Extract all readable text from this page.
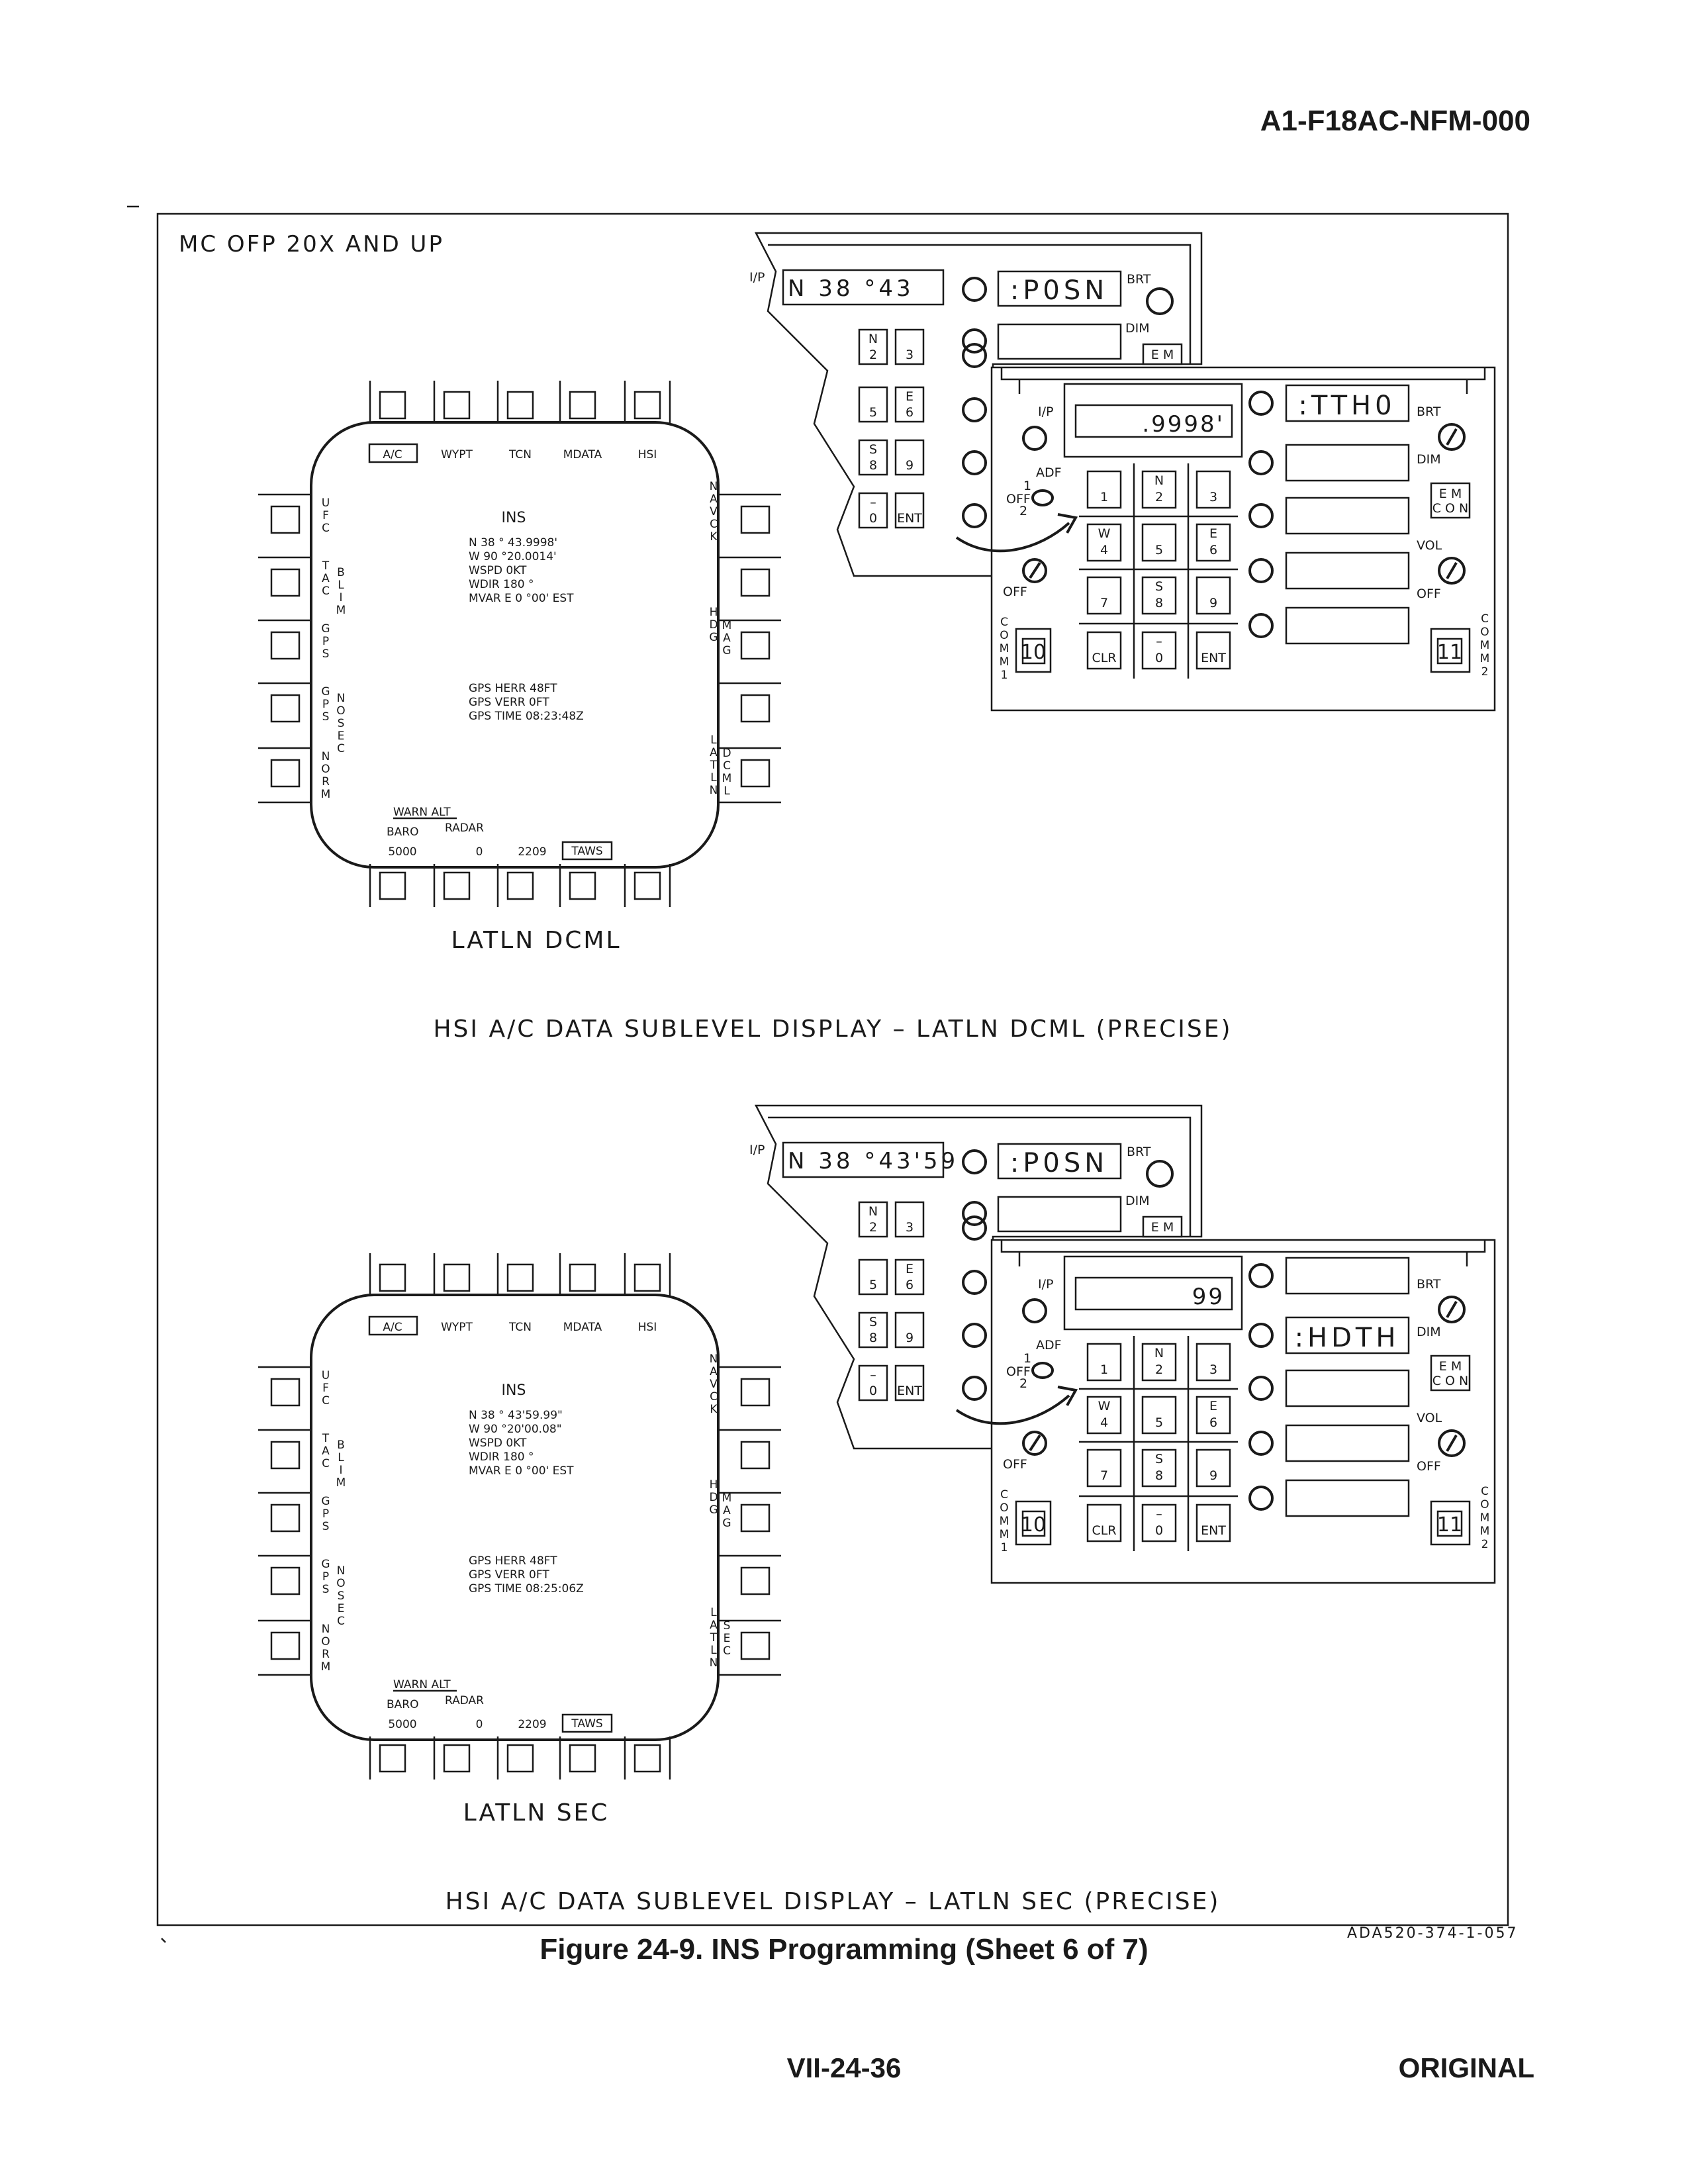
A1-F18AC-NFM-000
MC OFP 20X AND UP
A/C	WYPT	TCN	MDATA	HSI
U
F
C
T
A
C
G
P
S
G
P
S
N
O
R
M
B
L
I
M
N
O
S
E
C
N
A
V
C
K
H
D
G
L
A
T
L
N
M
A
G
D
C
M
L
INS
N 38 ° 43.9998'
W 90 °20.0014'
WSPD 0KT
WDIR 180 °
MVAR E 0 °00' EST
GPS HERR 48FT
GPS VERR 0FT
GPS TIME 08:23:48Z
WARN ALT
BARO RADAR
5000	0	2209 TAWS
LATLN DCML
HSI A/C DATA SUBLEVEL DISPLAY – LATLN DCML (PRECISE)
A/C	WYPT	TCN	MDATA	HSI
U
F
C
T
A
C
G
P
S
G
P
S
N
O
R
M
B
L
I
M
N
O
S
E
C
N
A
V
C
K
H
D
G
L
A
T
L
N
M
A
G
S
E
C
INS
N 38 ° 43'59.99"
W 90 °20'00.08"
WSPD 0KT
WDIR 180 °
MVAR E 0 °00' EST
GPS HERR 48FT
GPS VERR 0FT
GPS TIME 08:25:06Z
WARN ALT
BARO RADAR
5000	0	2209 TAWS
LATLN SEC
HSI A/C DATA SUBLEVEL DISPLAY – LATLN SEC (PRECISE)
I/P N 38 °43	:P0SN BRT
DIM
E M
N
2 3
5
E
6
S
8 9
–
0 ENT
I/P	.9998'
ADF
1
OFF
2
OFF
1
N
2	3
W
4	5
E
6
7
S
8	9
CLR
–
0	ENT
:TTH0 BRT
DIM
E M
C O N
VOL
OFF
C
O
M
M
1
10
C
O
M
M
2
11
I/P N 38 °43'59 :P0SN BRT
DIM
E M
N
2 3
5
E
6
S
8 9
–
0 ENT
I/P	99
ADF
1
OFF
2
OFF
1
N
2	3
W
4	5
E
6
7
S
8	9
CLR
–
0	ENT
:HDTH
BRT
DIM
E M
C O N
VOL
OFF
C
O
M
M
1
10
C
O
M
M
2
11
ADA520-374-1-057
Figure 24-9. INS Programming (Sheet 6 of 7)
VII-24-36	ORIGINAL
